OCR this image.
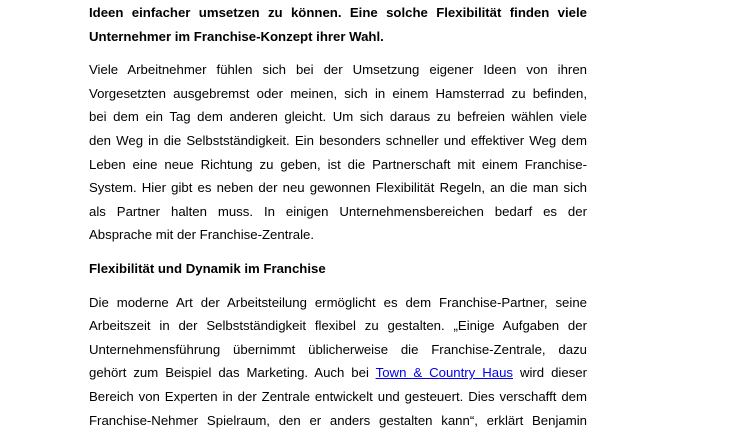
Ideen einfacher umsetzen zu können. Eine solche Flexibilität finden viele
Unternehmer im Franchise-Konzept ihrer Wahl.
Viele Arbeitnehmer fühlen sich bei der Umsetzung eigener Ideen von ihren
Vorgesetzten ausgebremst oder meinen, sich in einem Hamsterrad zu befinden,
bei dem ein Tag dem anderen gleicht. Um sich daraus zu befreien wählen viele
den Weg in die Selbstständigkeit. Ein besonders schneller und effektiver Weg dem
Leben eine neue Richtung zu geben, ist die Partnerschaft mit einem Franchise-
System. Hier gibt es neben der neu gewonnen Flexibilität Regeln, an die man sich
als Partner halten muss. In einigen Unternehmensbereichen bedarf es der
Absprache mit der Franchise-Zentrale.
Flexibilität und Dynamik im Franchise
Die moderne Art der Arbeitsteilung ermöglicht es dem Franchise-Partner, seine
Arbeitszeit in der Selbstständigkeit flexibel zu gestalten. „Einige Aufgaben der
Unternehmensführung übernimmt üblicherweise die Franchise-Zentrale, dazu
gehört zum Beispiel das Marketing. Auch bei Town & Country Haus wird dieser
Bereich von Experten in der Zentrale entwickelt und gesteuert. Dies verschafft dem
Franchise-Nehmer Spielraum, den er anders gestalten kann“, erklärt Benjamin
